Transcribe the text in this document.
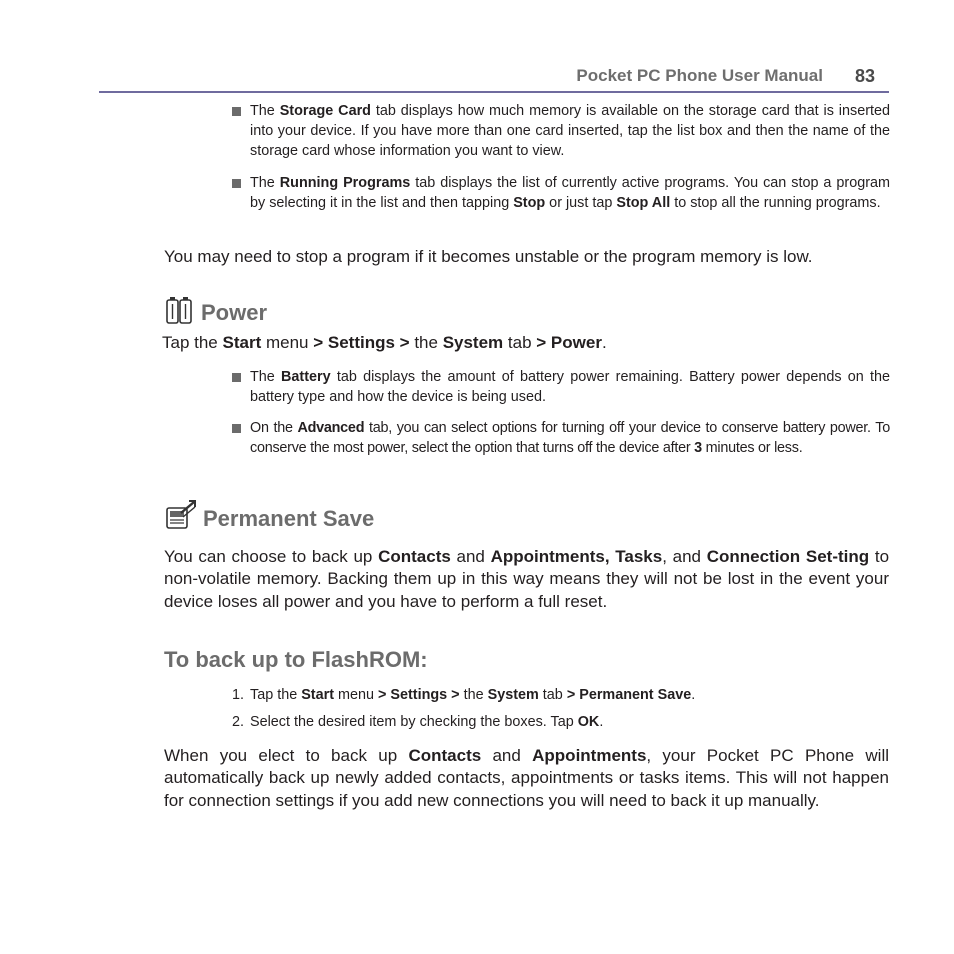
Pocket PC Phone User Manual 83
The Storage Card tab displays how much memory is available on the storage card that is inserted into your device. If you have more than one card inserted, tap the list box and then the name of the storage card whose information you want to view.
The Running Programs tab displays the list of currently active programs. You can stop a program by selecting it in the list and then tapping Stop or just tap Stop All to stop all the running programs.
You may need to stop a program if it becomes unstable or the program memory is low.
Power
Tap the Start menu > Settings > the System tab > Power.
The Battery tab displays the amount of battery power remaining. Battery power depends on the battery type and how the device is being used.
On the Advanced tab, you can select options for turning off your device to conserve battery power. To conserve the most power, select the option that turns off the device after 3 minutes or less.
Permanent Save
You can choose to back up Contacts and Appointments, Tasks, and Connection Set-ting to non-volatile memory. Backing them up in this way means they will not be lost in the event your device loses all power and you have to perform a full reset.
To back up to FlashROM:
1. Tap the Start menu > Settings > the System tab > Permanent Save.
2. Select the desired item by checking the boxes. Tap OK.
When you elect to back up Contacts and Appointments, your Pocket PC Phone will automatically back up newly added contacts, appointments or tasks items. This will not happen for connection settings if you add new connections you will need to back it up manually.
